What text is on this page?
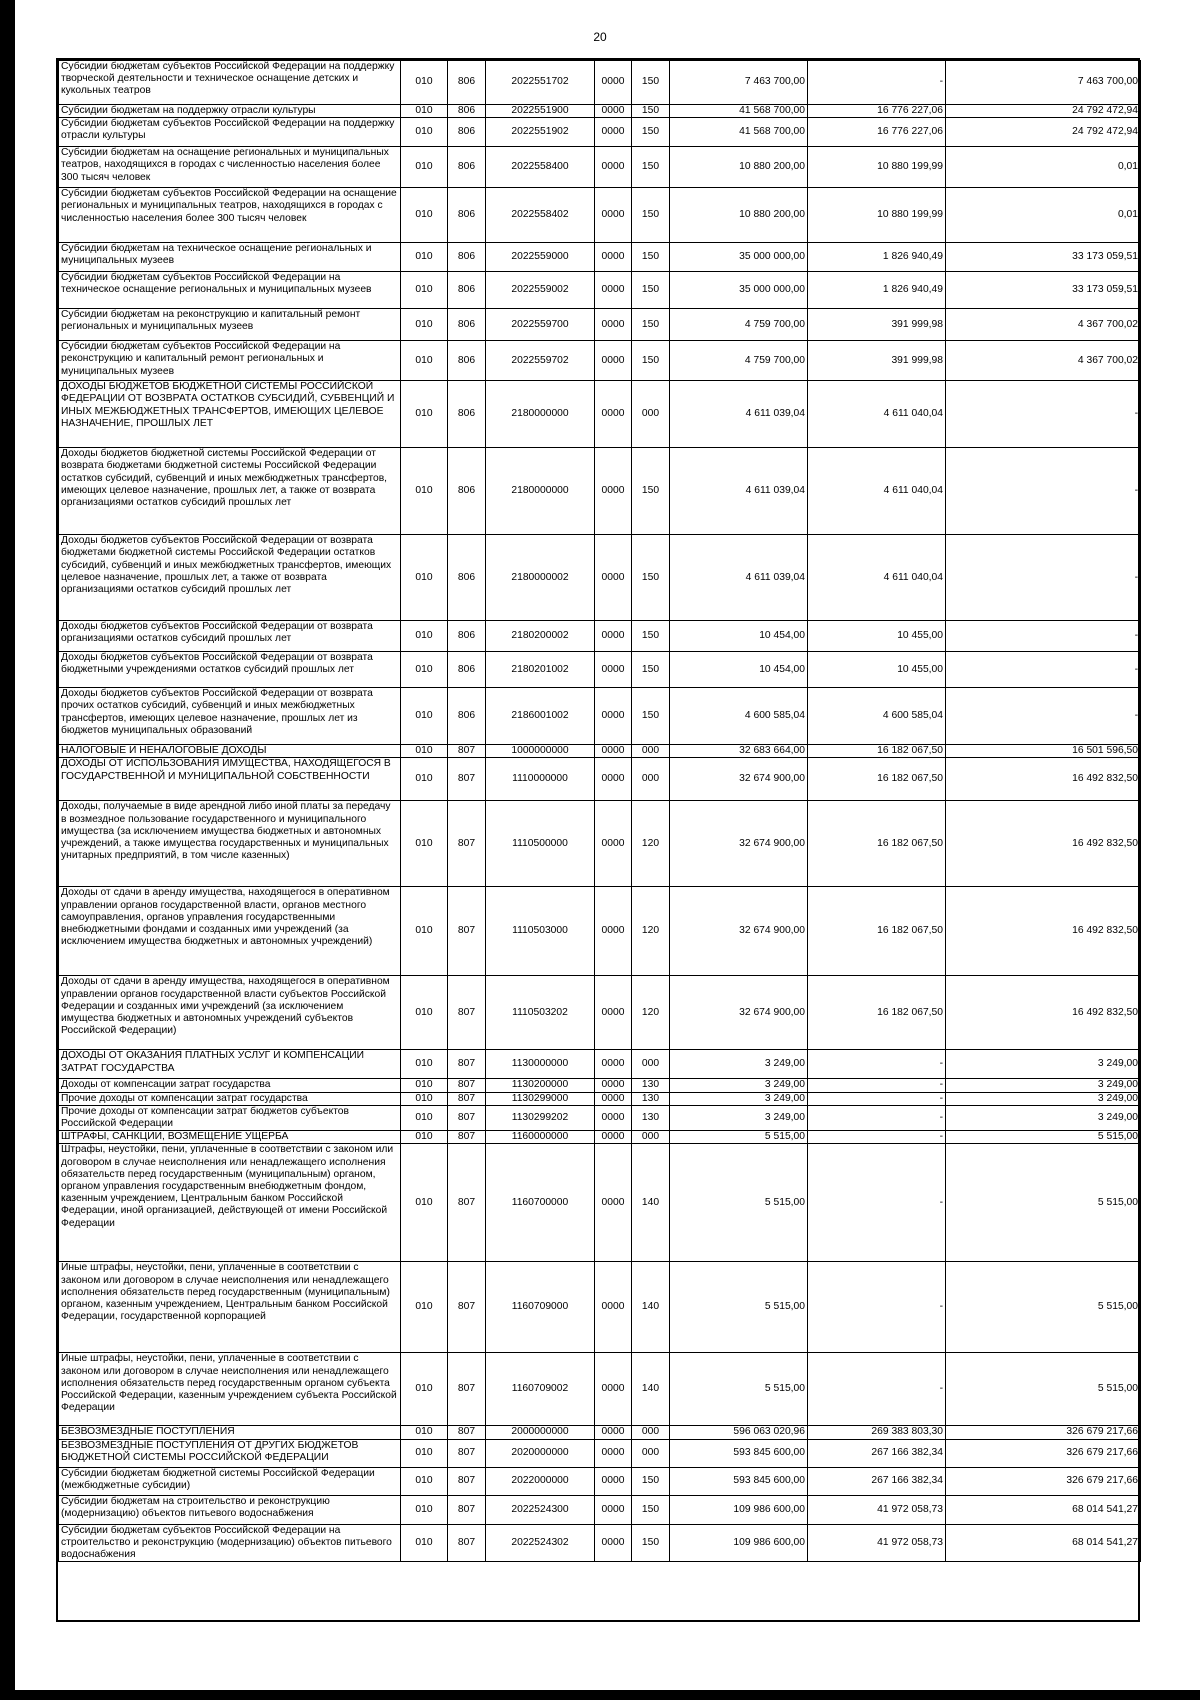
20
Субсидии бюджетам субъектов Российской Федерации на поддержку творческой деятельности и техническое оснащение детских и кукольных театров	010	806	2022551702	0000	150	7 463 700,00	-	7 463 700,00
Субсидии бюджетам на поддержку отрасли культуры	010	806	2022551900	0000	150	41 568 700,00	16 776 227,06	24 792 472,94
Субсидии бюджетам субъектов Российской Федерации на поддержку отрасли культуры	010	806	2022551902	0000	150	41 568 700,00	16 776 227,06	24 792 472,94
Субсидии бюджетам на оснащение региональных и муниципальных театров, находящихся в городах с численностью населения более 300 тысяч человек	010	806	2022558400	0000	150	10 880 200,00	10 880 199,99	0,01
Субсидии бюджетам субъектов Российской Федерации на оснащение региональных и муниципальных театров, находящихся в городах с численностью населения более 300 тысяч человек	010	806	2022558402	0000	150	10 880 200,00	10 880 199,99	0,01
Субсидии бюджетам на техническое оснащение региональных и муниципальных музеев	010	806	2022559000	0000	150	35 000 000,00	1 826 940,49	33 173 059,51
Субсидии бюджетам субъектов Российской Федерации на техническое оснащение региональных и муниципальных музеев	010	806	2022559002	0000	150	35 000 000,00	1 826 940,49	33 173 059,51
Субсидии бюджетам на реконструкцию и капитальный ремонт региональных и муниципальных музеев	010	806	2022559700	0000	150	4 759 700,00	391 999,98	4 367 700,02
Субсидии бюджетам субъектов Российской Федерации на реконструкцию и капитальный ремонт региональных и муниципальных музеев	010	806	2022559702	0000	150	4 759 700,00	391 999,98	4 367 700,02
ДОХОДЫ БЮДЖЕТОВ БЮДЖЕТНОЙ СИСТЕМЫ РОССИЙСКОЙ ФЕДЕРАЦИИ ОТ ВОЗВРАТА ОСТАТКОВ СУБСИДИЙ, СУБВЕНЦИЙ И ИНЫХ МЕЖБЮДЖЕТНЫХ ТРАНСФЕРТОВ, ИМЕЮЩИХ ЦЕЛЕВОЕ НАЗНАЧЕНИЕ, ПРОШЛЫХ ЛЕТ	010	806	2180000000	0000	000	4 611 039,04	4 611 040,04	-
Доходы бюджетов бюджетной системы Российской Федерации от возврата бюджетами бюджетной системы Российской Федерации остатков субсидий, субвенций и иных межбюджетных трансфертов, имеющих целевое назначение, прошлых лет, а также от возврата организациями остатков субсидий прошлых лет	010	806	2180000000	0000	150	4 611 039,04	4 611 040,04	-
Доходы бюджетов субъектов Российской Федерации от возврата бюджетами бюджетной системы Российской Федерации остатков субсидий, субвенций и иных межбюджетных трансфертов, имеющих целевое назначение, прошлых лет, а также от возврата организациями остатков субсидий прошлых лет	010	806	2180000002	0000	150	4 611 039,04	4 611 040,04	-
Доходы бюджетов субъектов Российской Федерации от возврата организациями остатков субсидий прошлых лет	010	806	2180200002	0000	150	10 454,00	10 455,00	-
Доходы бюджетов субъектов Российской Федерации от возврата бюджетными учреждениями остатков субсидий прошлых лет	010	806	2180201002	0000	150	10 454,00	10 455,00	-
Доходы бюджетов субъектов Российской Федерации от возврата прочих остатков субсидий, субвенций и иных межбюджетных трансфертов, имеющих целевое назначение, прошлых лет из бюджетов муниципальных образований	010	806	2186001002	0000	150	4 600 585,04	4 600 585,04	-
НАЛОГОВЫЕ И НЕНАЛОГОВЫЕ ДОХОДЫ	010	807	1000000000	0000	000	32 683 664,00	16 182 067,50	16 501 596,50
ДОХОДЫ ОТ ИСПОЛЬЗОВАНИЯ ИМУЩЕСТВА, НАХОДЯЩЕГОСЯ В ГОСУДАРСТВЕННОЙ И МУНИЦИПАЛЬНОЙ СОБСТВЕННОСТИ	010	807	1110000000	0000	000	32 674 900,00	16 182 067,50	16 492 832,50
Доходы, получаемые в виде арендной либо иной платы за передачу в возмездное пользование государственного и муниципального имущества (за исключением имущества бюджетных и автономных учреждений, а также имущества государственных и муниципальных унитарных предприятий, в том числе казенных)	010	807	1110500000	0000	120	32 674 900,00	16 182 067,50	16 492 832,50
Доходы от сдачи в аренду имущества, находящегося в оперативном управлении органов государственной власти, органов местного самоуправления, органов управления государственными внебюджетными фондами и созданных ими учреждений (за исключением имущества бюджетных и автономных учреждений)	010	807	1110503000	0000	120	32 674 900,00	16 182 067,50	16 492 832,50
Доходы от сдачи в аренду имущества, находящегося в оперативном управлении органов государственной власти субъектов Российской Федерации и созданных ими учреждений (за исключением имущества бюджетных и автономных учреждений субъектов Российской Федерации)	010	807	1110503202	0000	120	32 674 900,00	16 182 067,50	16 492 832,50
ДОХОДЫ ОТ ОКАЗАНИЯ ПЛАТНЫХ УСЛУГ И КОМПЕНСАЦИИ ЗАТРАТ ГОСУДАРСТВА	010	807	1130000000	0000	000	3 249,00	-	3 249,00
Доходы от компенсации затрат государства	010	807	1130200000	0000	130	3 249,00	-	3 249,00
Прочие доходы от компенсации затрат государства	010	807	1130299000	0000	130	3 249,00	-	3 249,00
Прочие доходы от компенсации затрат бюджетов субъектов Российской Федерации	010	807	1130299202	0000	130	3 249,00	-	3 249,00
ШТРАФЫ, САНКЦИИ, ВОЗМЕЩЕНИЕ УЩЕРБА	010	807	1160000000	0000	000	5 515,00	-	5 515,00
Штрафы, неустойки, пени, уплаченные в соответствии с законом или договором в случае неисполнения или ненадлежащего исполнения обязательств перед государственным (муниципальным) органом, органом управления государственным внебюджетным фондом, казенным учреждением, Центральным банком Российской Федерации, иной организацией, действующей от имени Российской Федерации	010	807	1160700000	0000	140	5 515,00	-	5 515,00
Иные штрафы, неустойки, пени, уплаченные в соответствии с законом или договором в случае неисполнения или ненадлежащего исполнения обязательств перед государственным (муниципальным) органом, казенным учреждением, Центральным банком Российской Федерации, государственной корпорацией	010	807	1160709000	0000	140	5 515,00	-	5 515,00
Иные штрафы, неустойки, пени, уплаченные в соответствии с законом или договором в случае неисполнения или ненадлежащего исполнения обязательств перед государственным органом субъекта Российской Федерации, казенным учреждением субъекта Российской Федерации	010	807	1160709002	0000	140	5 515,00	-	5 515,00
БЕЗВОЗМЕЗДНЫЕ ПОСТУПЛЕНИЯ	010	807	2000000000	0000	000	596 063 020,96	269 383 803,30	326 679 217,66
БЕЗВОЗМЕЗДНЫЕ ПОСТУПЛЕНИЯ ОТ ДРУГИХ БЮДЖЕТОВ БЮДЖЕТНОЙ СИСТЕМЫ РОССИЙСКОЙ ФЕДЕРАЦИИ	010	807	2020000000	0000	000	593 845 600,00	267 166 382,34	326 679 217,66
Субсидии бюджетам бюджетной системы Российской Федерации (межбюджетные субсидии)	010	807	2022000000	0000	150	593 845 600,00	267 166 382,34	326 679 217,66
Субсидии бюджетам на строительство и реконструкцию (модернизацию) объектов питьевого водоснабжения	010	807	2022524300	0000	150	109 986 600,00	41 972 058,73	68 014 541,27
Субсидии бюджетам субъектов Российской Федерации на строительство и реконструкцию (модернизацию) объектов питьевого водоснабжения	010	807	2022524302	0000	150	109 986 600,00	41 972 058,73	68 014 541,27
